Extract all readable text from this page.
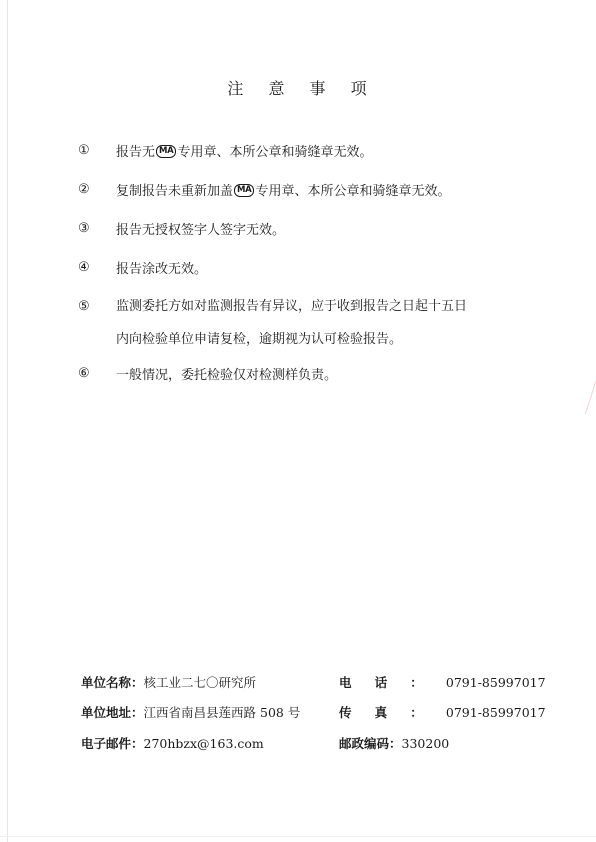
注 意 事 项
① 报告无 MA 专用章、本所公章和骑缝章无效。
② 复制报告未重新加盖 MA 专用章、本所公章和骑缝章无效。
③ 报告无授权签字人签字无效。
④ 报告涂改无效。
⑤ 监测委托方如对监测报告有异议，应于收到报告之日起十五日
内向检验单位申请复检，逾期视为认可检验报告。
⑥ 一般情况，委托检验仅对检测样负责。
单位名称：核工业二七〇研究所	电话：0791-85997017
单位地址：江西省南昌县莲西路 508 号	传真：0791-85997017
电子邮件：270hbzx@163.com	邮政编码：330200
